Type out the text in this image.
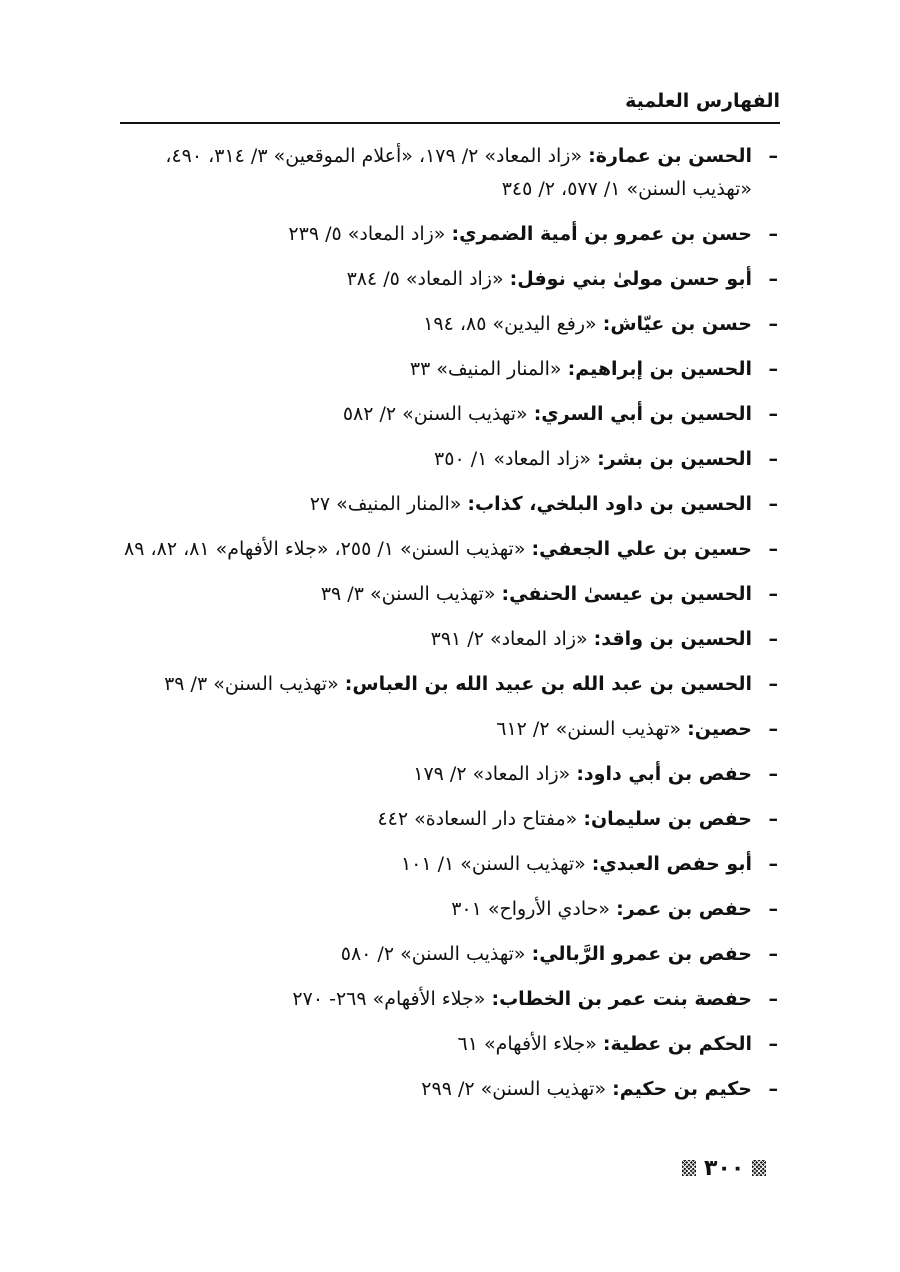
الفهارس العلمية
–
الحسن بن عمارة: «زاد المعاد» ٢/ ١٧٩، «أعلام الموقعين» ٣/ ٣١٤، ٤٩٠، «تهذيب السنن» ١/ ٥٧٧، ٢/ ٣٤٥
–
حسن بن عمرو بن أمية الضمري: «زاد المعاد» ٥/ ٢٣٩
–
أبو حسن مولىٰ بني نوفل: «زاد المعاد» ٥/ ٣٨٤
–
حسن بن عيّاش: «رفع اليدين» ٨٥، ١٩٤
–
الحسين بن إبراهيم: «المنار المنيف» ٣٣
–
الحسين بن أبي السري: «تهذيب السنن» ٢/ ٥٨٢
–
الحسين بن بشر: «زاد المعاد» ١/ ٣٥٠
–
الحسين بن داود البلخي، كذاب: «المنار المنيف» ٢٧
–
حسين بن علي الجعفي: «تهذيب السنن» ١/ ٢٥٥، «جلاء الأفهام» ٨١، ٨٢، ٨٩
–
الحسين بن عيسىٰ الحنفي: «تهذيب السنن» ٣/ ٣٩
–
الحسين بن واقد: «زاد المعاد» ٢/ ٣٩١
–
الحسين بن عبد الله بن عبيد الله بن العباس: «تهذيب السنن» ٣/ ٣٩
–
حصين: «تهذيب السنن» ٢/ ٦١٢
–
حفص بن أبي داود: «زاد المعاد» ٢/ ١٧٩
–
حفص بن سليمان: «مفتاح دار السعادة» ٤٤٢
–
أبو حفص العبدي: «تهذيب السنن» ١/ ١٠١
–
حفص بن عمر: «حادي الأرواح» ٣٠١
–
حفص بن عمرو الرَّبالي: «تهذيب السنن» ٢/ ٥٨٠
–
حفصة بنت عمر بن الخطاب: «جلاء الأفهام» ٢٦٩- ٢٧٠
–
الحكم بن عطية: «جلاء الأفهام» ٦١
–
حكيم بن حكيم: «تهذيب السنن» ٢/ ٢٩٩
٣٠٠
